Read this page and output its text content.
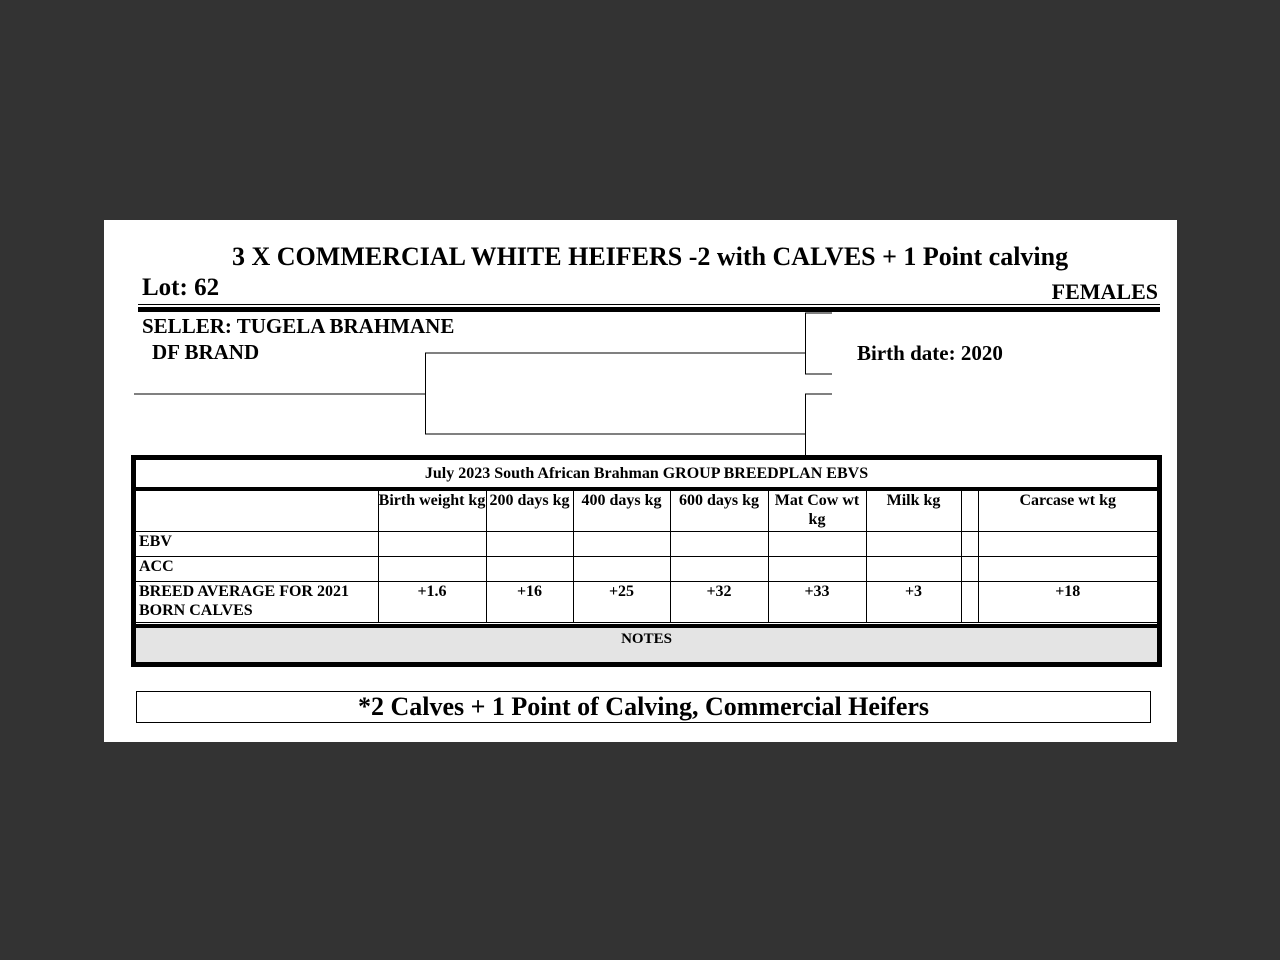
3 X COMMERCIAL WHITE HEIFERS -2 with CALVES + 1 Point calving
Lot: 62	FEMALES
SELLER: TUGELA BRAHMANE
DF BRAND	Birth date: 2020
July 2023 South African Brahman GROUP BREEDPLAN EBVS
	Birth weight kg	200 days kg	400 days kg	600 days kg	Mat Cow wt kg	Milk kg		Carcase wt kg
EBV								
ACC								
BREED AVERAGE FOR 2021 BORN CALVES	+1.6	+16	+25	+32	+33	+3		+18
NOTES
*2 Calves + 1 Point of Calving, Commercial Heifers
